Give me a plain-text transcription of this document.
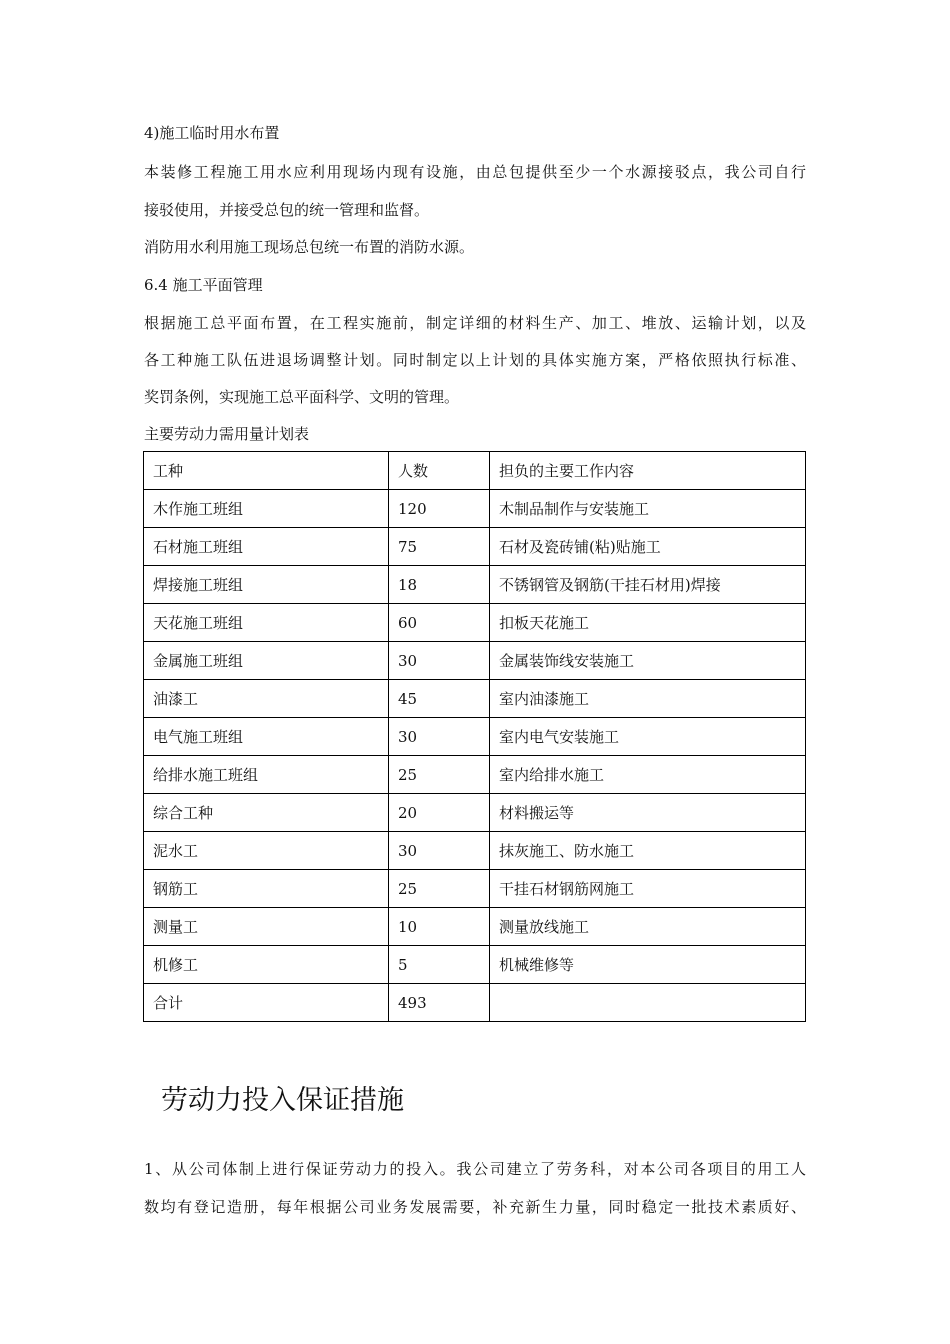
4)施工临时用水布置
本装修工程施工用水应利用现场内现有设施，由总包提供至少一个水源接驳点，我公司自行
接驳使用，并接受总包的统一管理和监督。
消防用水利用施工现场总包统一布置的消防水源。
6.4 施工平面管理
根据施工总平面布置，在工程实施前，制定详细的材料生产、加工、堆放、运输计划，以及
各工种施工队伍进退场调整计划。同时制定以上计划的具体实施方案，严格依照执行标准、
奖罚条例，实现施工总平面科学、文明的管理。
主要劳动力需用量计划表
工种	人数	担负的主要工作内容
木作施工班组	120	木制品制作与安装施工
石材施工班组	75	石材及瓷砖铺(粘)贴施工
焊接施工班组	18	不锈钢管及钢筋(干挂石材用)焊接
天花施工班组	60	扣板天花施工
金属施工班组	30	金属装饰线安装施工
油漆工	45	室内油漆施工
电气施工班组	30	室内电气安装施工
给排水施工班组	25	室内给排水施工
综合工种	20	材料搬运等
泥水工	30	抹灰施工、防水施工
钢筋工	25	干挂石材钢筋网施工
测量工	10	测量放线施工
机修工	5	机械维修等
合计	493	
劳动力投入保证措施
1、从公司体制上进行保证劳动力的投入。我公司建立了劳务科，对本公司各项目的用工人
数均有登记造册，每年根据公司业务发展需要，补充新生力量，同时稳定一批技术素质好、
